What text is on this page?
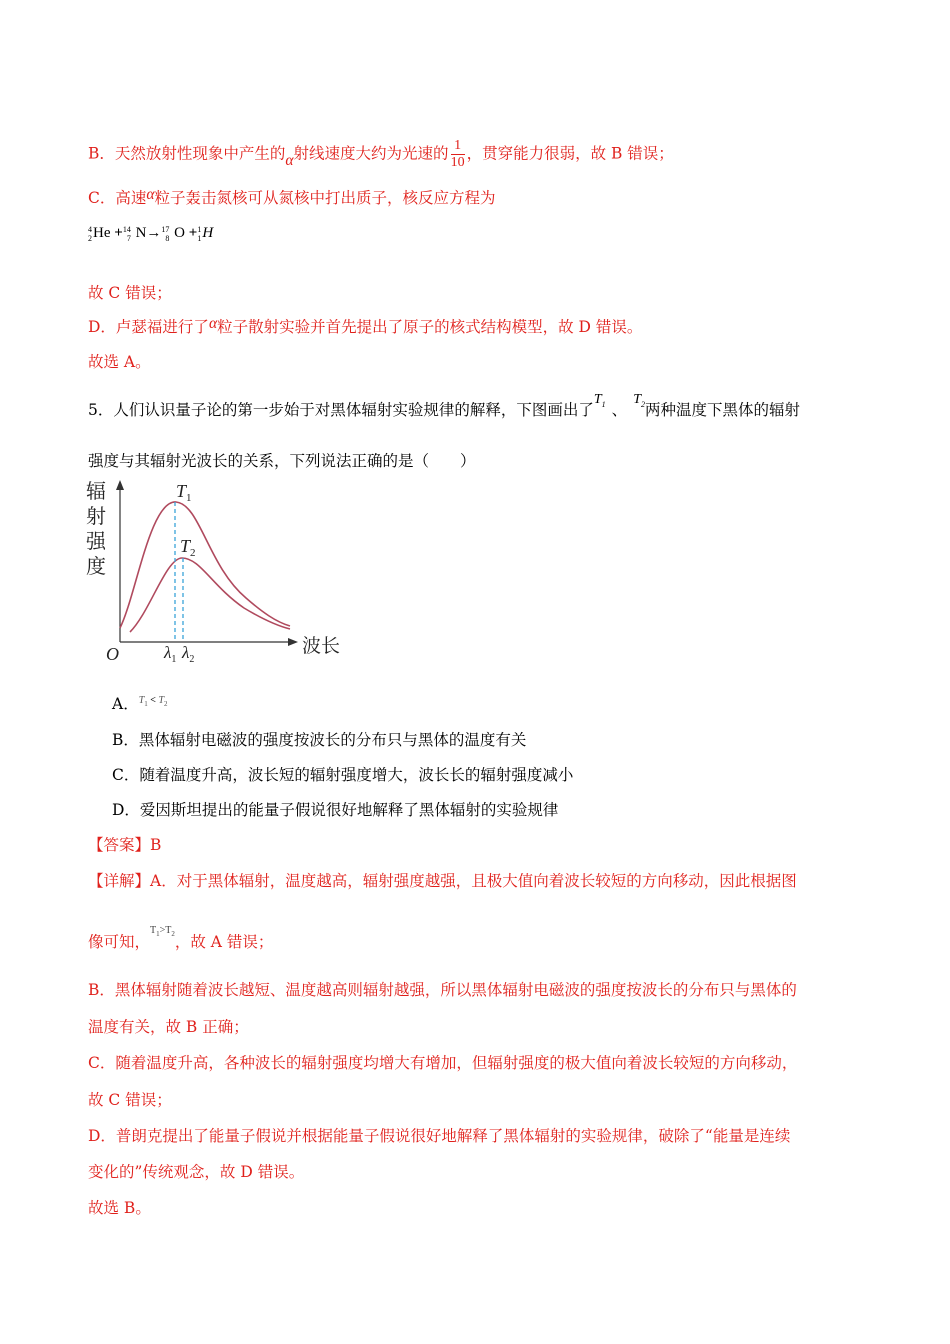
B．天然放射性现象中产生的α射线速度大约为光速的 $\frac{1}{10}$ ，贯穿能力很弱，故 B 错误；
C．高速α粒子轰击氮核可从氮核中打出质子，核反应方程为
4
2 He + 14
7 N→ 17
8 O + 1
1 H
故 C 错误；
D．卢瑟福进行了α粒子散射实验并首先提出了原子的核式结构模型，故 D 错误。
故选 A。
5．人们认识量子论的第一步始于对黑体辐射实验规律的解释，下图画出了$T_1$ 、$T_2$两种温度下黑体的辐射
强度与其辐射光波长的关系，下列说法正确的是（　　）
辐
射
强
度
波长
O
$T_1$
$T_2$
$\lambda_1$ $\lambda_2$
A．$^{T_1 < T_2}$
B．黑体辐射电磁波的强度按波长的分布只与黑体的温度有关
C．随着温度升高，波长短的辐射强度增大，波长长的辐射强度减小
D．爱因斯坦提出的能量子假说很好地解释了黑体辐射的实验规律
【答案】B
【详解】A．对于黑体辐射，温度越高，辐射强度越强，且极大值向着波长较短的方向移动，因此根据图
像可知，$^{T_1>T_2}$，故 A 错误；
B．黑体辐射随着波长越短、温度越高则辐射越强，所以黑体辐射电磁波的强度按波长的分布只与黑体的
温度有关，故 B 正确；
C．随着温度升高，各种波长的辐射强度均增大有增加，但辐射强度的极大值向着波长较短的方向移动，
故 C 错误；
D．普朗克提出了能量子假说并根据能量子假说很好地解释了黑体辐射的实验规律，破除了“能量是连续
变化的”传统观念，故 D 错误。
故选 B。
